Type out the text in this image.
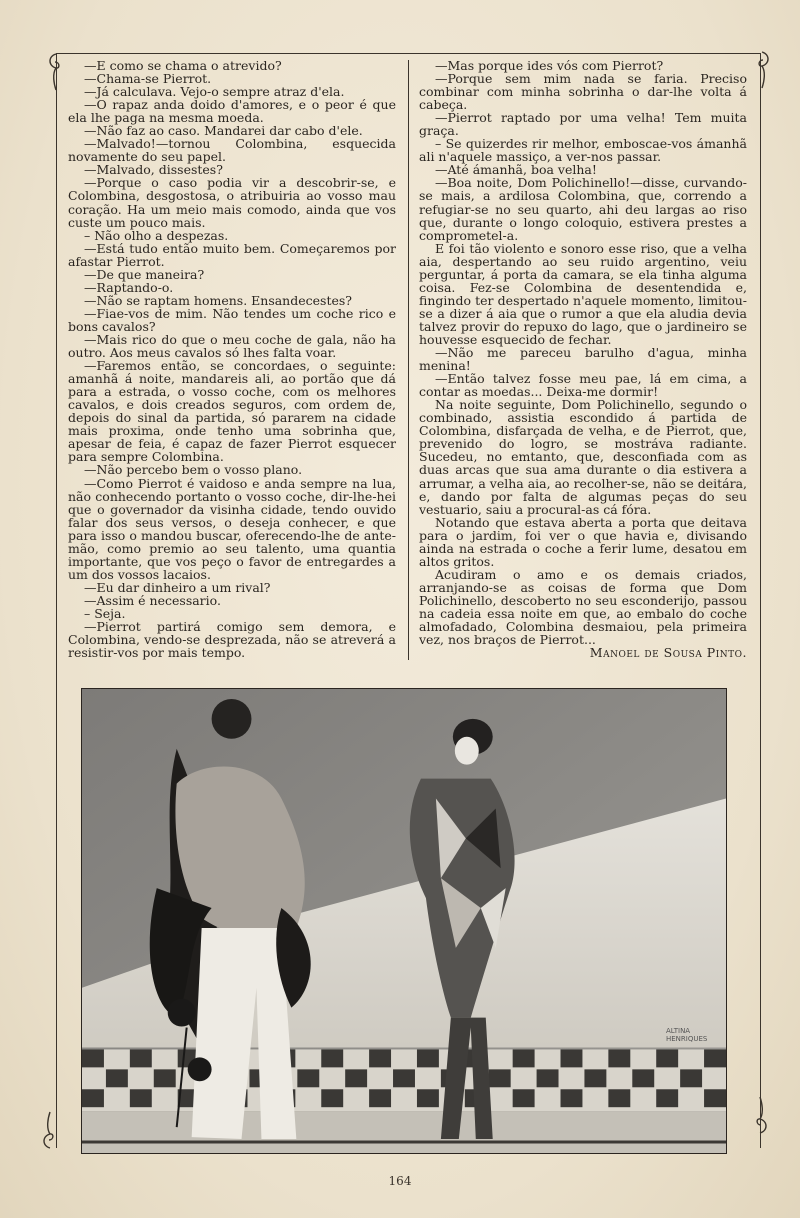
—E como se chama o atrevido?

—Chama-se Pierrot.

—Já calculava. Vejo-o sempre atraz d'ela.

—O rapaz anda doido d'amores, e o peor é que ela lhe paga na mesma moeda.

—Não faz ao caso. Mandarei dar cabo d'ele.

—Malvado!—tornou Colombina, esquecida novamente do seu papel.

—Malvado, dissestes?

—Porque o caso podia vir a descobrir-se, e Colombina, desgostosa, o atribuiria ao vosso mau coração. Ha um meio mais comodo, ainda que vos custe um pouco mais.

– Não olho a despezas.

—Está tudo então muito bem. Começaremos por afastar Pierrot.

—De que maneira?

—Raptando-o.

—Não se raptam homens. Ensandecestes?

—Fiae-vos de mim. Não tendes um coche rico e bons cavalos?

—Mais rico do que o meu coche de gala, não ha outro. Aos meus cavalos só lhes falta voar.

—Faremos então, se concordaes, o seguinte: amanhã á noite, mandareis ali, ao portão que dá para a estrada, o vosso coche, com os melhores cavalos, e dois creados seguros, com ordem de, depois do sinal da partida, só pararem na cidade mais proxima, onde tenho uma sobrinha que, apesar de feia, é capaz de fazer Pierrot esquecer para sempre Colombina.

—Não percebo bem o vosso plano.

—Como Pierrot é vaidoso e anda sempre na lua, não conhecendo portanto o vosso coche, dir-lhe-hei que o governador da visinha cidade, tendo ouvido falar dos seus versos, o deseja conhecer, e que para isso o mandou buscar, oferecendo-lhe de ante-mão, como premio ao seu talento, uma quantia importante, que vos peço o favor de entregardes a um dos vossos lacaios.

—Eu dar dinheiro a um rival?

—Assim é necessario.

– Seja.

—Pierrot partirá comigo sem demora, e Colombina, vendo-se desprezada, não se atreverá a resistir-vos por mais tempo.

—Mas porque ides vós com Pierrot?

—Porque sem mim nada se faria. Preciso combinar com minha sobrinha o dar-lhe volta á cabeça.

—Pierrot raptado por uma velha! Tem muita graça.

– Se quizerdes rir melhor, emboscae-vos ámanhã ali n'aquele massiço, a ver-nos passar.

—Até ámanhã, boa velha!

—Boa noite, Dom Polichinello!—disse, curvando-se mais, a ardilosa Colombina, que, correndo a refugiar-se no seu quarto, ahi deu largas ao riso que, durante o longo coloquio, estivera prestes a comprometel-a.

E foi tão violento e sonoro esse riso, que a velha aia, despertando ao seu ruido argentino, veiu perguntar, á porta da camara, se ela tinha alguma coisa. Fez-se Colombina de desentendida e, fingindo ter despertado n'aquele momento, limitou-se a dizer á aia que o rumor a que ela aludia devia talvez provir do repuxo do lago, que o jardineiro se houvesse esquecido de fechar.

—Não me pareceu barulho d'agua, minha menina!

—Então talvez fosse meu pae, lá em cima, a contar as moedas... Deixa-me dormir!

Na noite seguinte, Dom Polichinello, segundo o combinado, assistia escondido á partida de Colombina, disfarçada de velha, e de Pierrot, que, prevenido do logro, se mostráva radiante. Sucedeu, no emtanto, que, desconfiada com as duas arcas que sua ama durante o dia estivera a arrumar, a velha aia, ao recolher-se, não se deitára, e, dando por falta de algumas peças do seu vestuario, saiu a procural-as cá fóra.

Notando que estava aberta a porta que deitava para o jardim, foi ver o que havia e, divisando ainda na estrada o coche a ferir lume, desatou em altos gritos.

Acudiram o amo e os demais criados, arranjando-se as coisas de forma que Dom Polichinello, descoberto no seu esconderijo, passou na cadeia essa noite em que, ao embalo do coche almofadado, Colombina desmaiou, pela primeira vez, nos braços de Pierrot...

Manoel de Sousa Pinto.

ALTINA HENRIQUES
164
